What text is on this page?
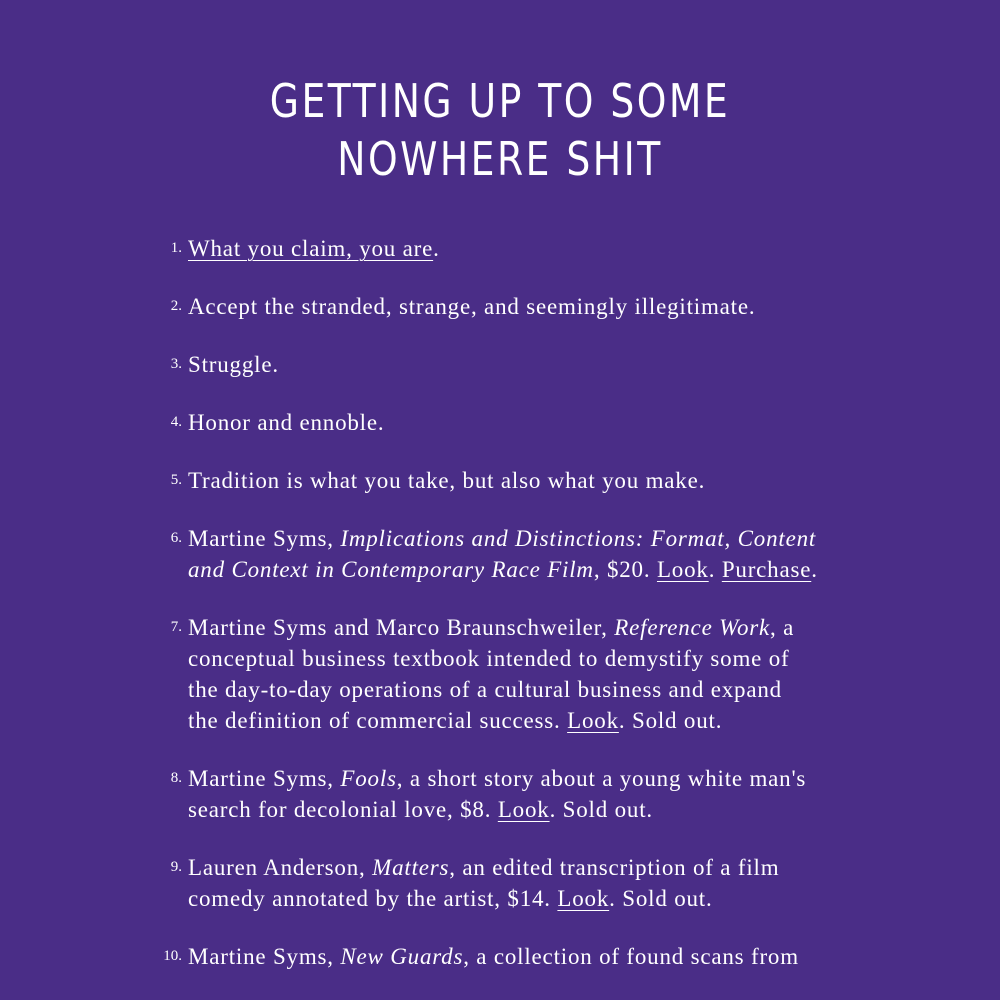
GETTING UP TO SOME
NOWHERE SHIT
1. What you claim, you are.
2. Accept the stranded, strange, and seemingly illegitimate.
3. Struggle.
4. Honor and ennoble.
5. Tradition is what you take, but also what you make.
6. Martine Syms, Implications and Distinctions: Format, Content and Context in Contemporary Race Film, $20. Look. Purchase.
7. Martine Syms and Marco Braunschweiler, Reference Work, a conceptual business textbook intended to demystify some of the day-to-day operations of a cultural business and expand the definition of commercial success. Look. Sold out.
8. Martine Syms, Fools, a short story about a young white man's search for decolonial love, $8. Look. Sold out.
9. Lauren Anderson, Matters, an edited transcription of a film comedy annotated by the artist, $14. Look. Sold out.
10. Martine Syms, New Guards, a collection of found scans from
